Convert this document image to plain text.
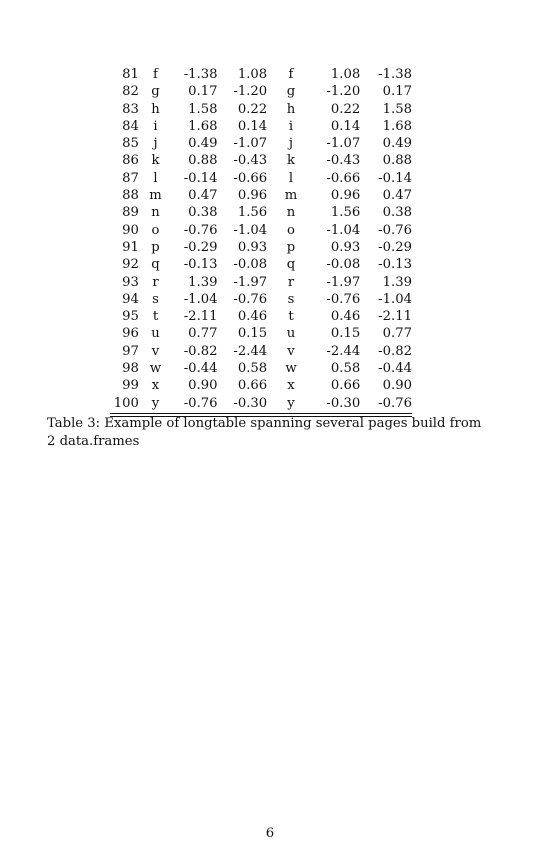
81	f	-1.38	1.08	f	1.08	-1.38
82	g	0.17	-1.20	g	-1.20	0.17
83	h	1.58	0.22	h	0.22	1.58
84	i	1.68	0.14	i	0.14	1.68
85	j	0.49	-1.07	j	-1.07	0.49
86	k	0.88	-0.43	k	-0.43	0.88
87	l	-0.14	-0.66	l	-0.66	-0.14
88	m	0.47	0.96	m	0.96	0.47
89	n	0.38	1.56	n	1.56	0.38
90	o	-0.76	-1.04	o	-1.04	-0.76
91	p	-0.29	0.93	p	0.93	-0.29
92	q	-0.13	-0.08	q	-0.08	-0.13
93	r	1.39	-1.97	r	-1.97	1.39
94	s	-1.04	-0.76	s	-0.76	-1.04
95	t	-2.11	0.46	t	0.46	-2.11
96	u	0.77	0.15	u	0.15	0.77
97	v	-0.82	-2.44	v	-2.44	-0.82
98	w	-0.44	0.58	w	0.58	-0.44
99	x	0.90	0.66	x	0.66	0.90
100	y	-0.76	-0.30	y	-0.30	-0.76
Table 3: Example of longtable spanning several pages build from 2 data.frames
6
